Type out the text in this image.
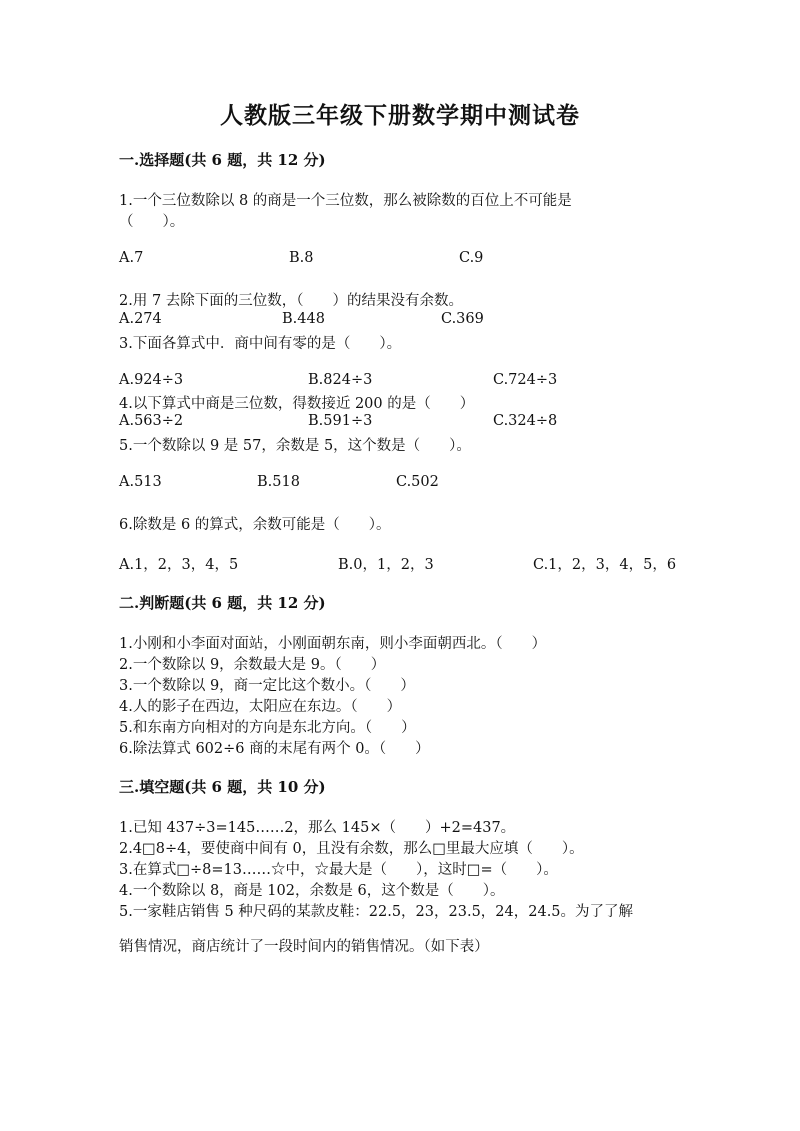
人教版三年级下册数学期中测试卷
一.选择题(共 6 题，共 12 分)
1.一个三位数除以 8 的商是一个三位数，那么被除数的百位上不可能是
（　　）。
A.7	B.8	C.9
2.用 7 去除下面的三位数，（　　）的结果没有余数。
A.274	B.448	C.369
3.下面各算式中．商中间有零的是（　　）。
A.924÷3	B.824÷3	C.724÷3
4.以下算式中商是三位数，得数接近 200 的是（　　）
A.563÷2	B.591÷3	C.324÷8
5.一个数除以 9 是 57，余数是 5，这个数是（　　）。
A.513	B.518	C.502
6.除数是 6 的算式，余数可能是（　　）。
A.1，2，3，4，5	B.0，1，2，3	C.1，2，3，4，5，6
二.判断题(共 6 题，共 12 分)
1.小刚和小李面对面站，小刚面朝东南，则小李面朝西北。（　　）
2.一个数除以 9，余数最大是 9。（　　）
3.一个数除以 9，商一定比这个数小。（　　）
4.人的影子在西边，太阳应在东边。（　　）
5.和东南方向相对的方向是东北方向。（　　）
6.除法算式 602÷6 商的末尾有两个 0。（　　）
三.填空题(共 6 题，共 10 分)
1.已知 437÷3=145……2，那么 145×（　　）+2=437。
2.4□8÷4，要使商中间有 0，且没有余数，那么□里最大应填（　　）。
3.在算式□÷8=13……☆中，☆最大是（　　），这时□=（　　）。
4.一个数除以 8，商是 102，余数是 6，这个数是（　　）。
5.一家鞋店销售 5 种尺码的某款皮鞋：22.5，23，23.5，24，24.5。为了了解
销售情况，商店统计了一段时间内的销售情况。（如下表）
